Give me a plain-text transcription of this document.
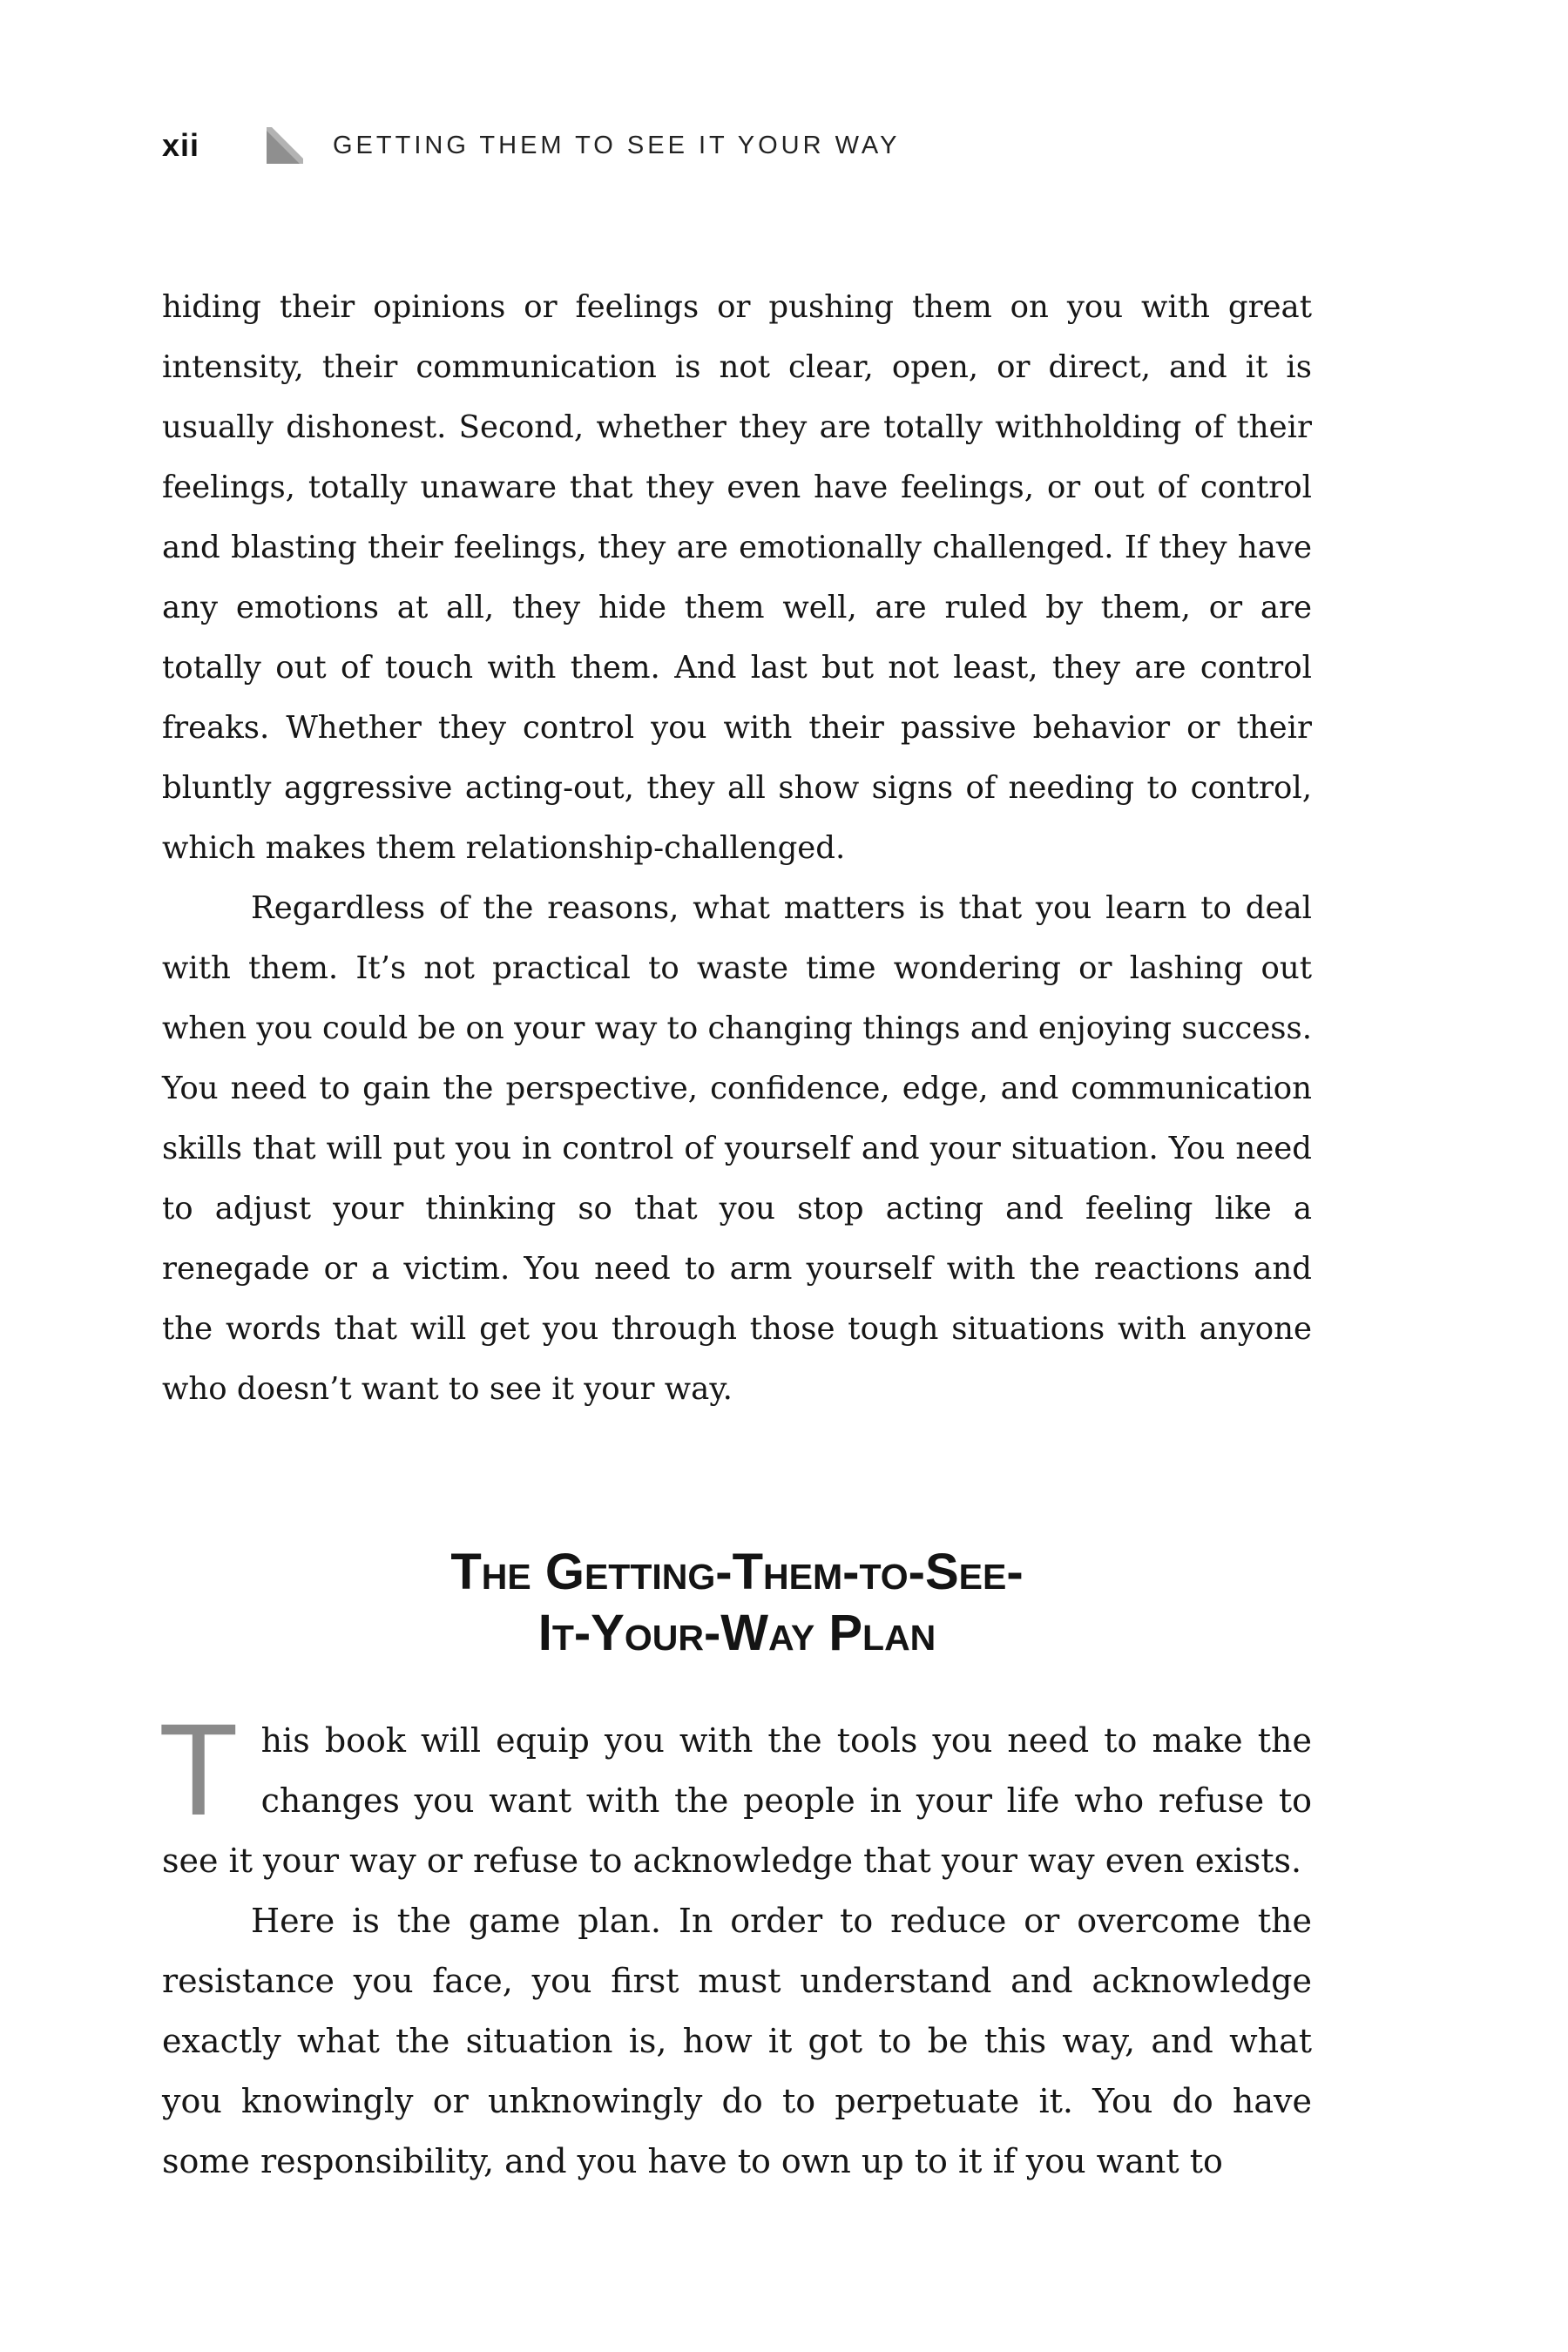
xii	GETTING THEM TO SEE IT YOUR WAY

hiding their opinions or feelings or pushing them on you with great intensity, their communication is not clear, open, or direct, and it is usually dishonest. Second, whether they are totally withholding of their feelings, totally unaware that they even have feelings, or out of control and blasting their feelings, they are emotionally challenged. If they have any emotions at all, they hide them well, are ruled by them, or are totally out of touch with them. And last but not least, they are control freaks. Whether they control you with their passive behavior or their bluntly aggressive acting-out, they all show signs of needing to control, which makes them relationship-challenged.

Regardless of the reasons, what matters is that you learn to deal with them. It’s not practical to waste time wondering or lashing out when you could be on your way to changing things and enjoying success. You need to gain the perspective, confidence, edge, and communication skills that will put you in control of yourself and your situation. You need to adjust your thinking so that you stop acting and feeling like a renegade or a victim. You need to arm yourself with the reactions and the words that will get you through those tough situations with anyone who doesn’t want to see it your way.

The Getting-Them-to-See-
It-Your-Way Plan

This book will equip you with the tools you need to make the changes you want with the people in your life who refuse to see it your way or refuse to acknowledge that your way even exists.

Here is the game plan. In order to reduce or overcome the resistance you face, you first must understand and acknowledge exactly what the situation is, how it got to be this way, and what you knowingly or unknowingly do to perpetuate it. You do have some responsibility, and you have to own up to it if you want to
